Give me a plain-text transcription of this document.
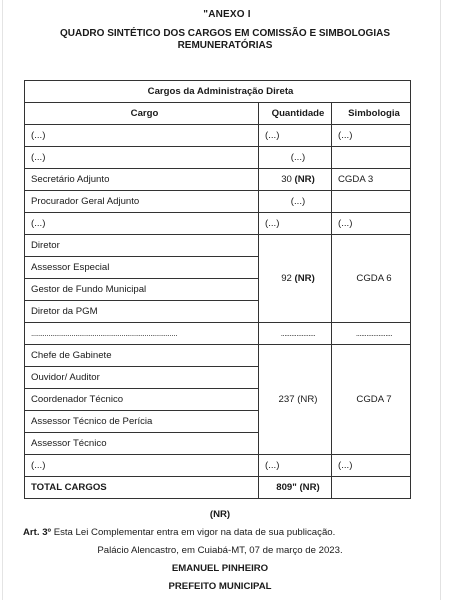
"ANEXO I
QUADRO SINTÉTICO DOS CARGOS EM COMISSÃO E SIMBOLOGIAS
REMUNERATÓRIAS
Cargos da Administração Direta		
Cargo	Quantidade	Simbologia
(...)	(...)	(...)
(...)	(...)	
Secretário Adjunto	30 (NR)	CGDA 3
Procurador Geral Adjunto	(...)	
(...)	(...)	(...)
Diretor	92 (NR)	CGDA 6
Assessor Especial		
Gestor de Fundo Municipal		
Diretor da PGM		
............................................................................	....................	.....................
Chefe de Gabinete	237 (NR)	CGDA 7
Ouvidor/ Auditor		
Coordenador Técnico		
Assessor Técnico de Perícia		
Assessor Técnico		
(...)	(...)	(...)
TOTAL CARGOS	809" (NR)	
(NR)
Art. 3º Esta Lei Complementar entra em vigor na data de sua publicação.
Palácio Alencastro, em Cuiabá-MT, 07 de março de 2023.
EMANUEL PINHEIRO
PREFEITO MUNICIPAL
